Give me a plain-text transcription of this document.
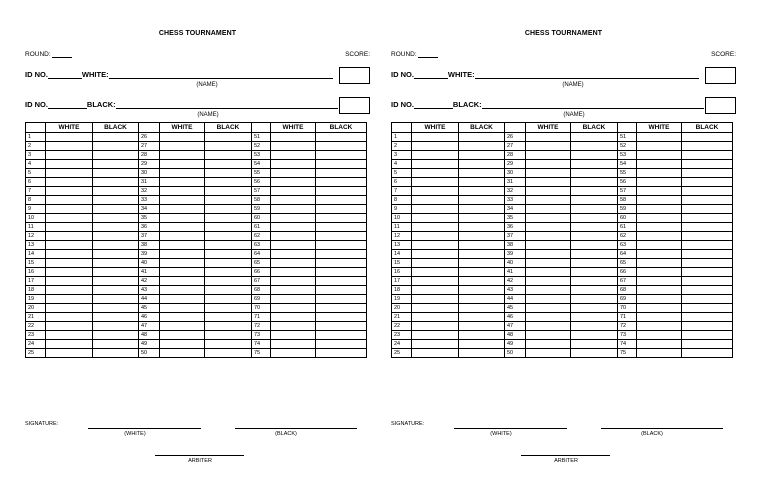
CHESS TOURNAMENT
ROUND:	SCORE:
ID NO.	WHITE:
(NAME)
ID NO.	BLACK:
(NAME)
	WHITE	BLACK		WHITE	BLACK		WHITE	BLACK
1			26			51		
2			27			52		
3			28			53		
4			29			54		
5			30			55		
6			31			56		
7			32			57		
8			33			58		
9			34			59		
10			35			60		
11			36			61		
12			37			62		
13			38			63		
14			39			64		
15			40			65		
16			41			66		
17			42			67		
18			43			68		
19			44			69		
20			45			70		
21			46			71		
22			47			72		
23			48			73		
24			49			74		
25			50			75		
SIGNATURE:
(WHITE)	(BLACK)
ARBITER
CHESS TOURNAMENT
ROUND:	SCORE:
ID NO.	WHITE:
(NAME)
ID NO.	BLACK:
(NAME)
	WHITE	BLACK		WHITE	BLACK		WHITE	BLACK
1			26			51		
2			27			52		
3			28			53		
4			29			54		
5			30			55		
6			31			56		
7			32			57		
8			33			58		
9			34			59		
10			35			60		
11			36			61		
12			37			62		
13			38			63		
14			39			64		
15			40			65		
16			41			66		
17			42			67		
18			43			68		
19			44			69		
20			45			70		
21			46			71		
22			47			72		
23			48			73		
24			49			74		
25			50			75		
SIGNATURE:
(WHITE)	(BLACK)
ARBITER
